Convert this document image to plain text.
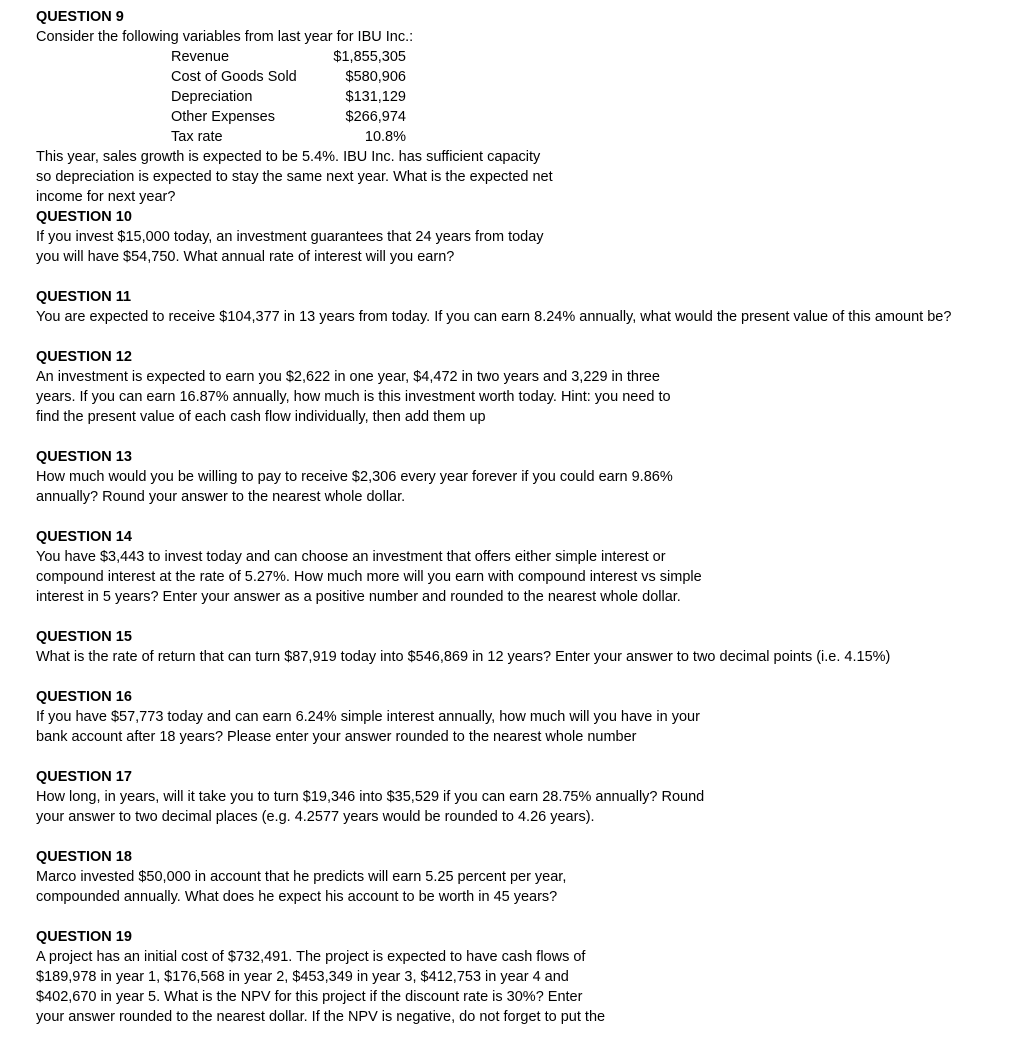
QUESTION 9
Consider the following variables from last year for IBU Inc.:
Revenue	$1,855,305
Cost of Goods Sold	$580,906
Depreciation	$131,129
Other Expenses	$266,974
Tax rate	10.8%
This year, sales growth is expected to be 5.4%. IBU Inc. has sufficient capacity
so depreciation is expected to stay the same next year. What is the expected net
income for next year?
QUESTION 10
If you invest $15,000 today, an investment guarantees that 24 years from today
you will have $54,750. What annual rate of interest will you earn?
QUESTION 11
You are expected to receive $104,377 in 13 years from today. If you can earn 8.24% annually, what would the present value of this amount be?
QUESTION 12
An investment is expected to earn you $2,622 in one year, $4,472 in two years and 3,229 in three
years. If you can earn 16.87% annually, how much is this investment worth today. Hint: you need to
find the present value of each cash flow individually, then add them up
QUESTION 13
How much would you be willing to pay to receive $2,306 every year forever if you could earn 9.86%
annually? Round your answer to the nearest whole dollar.
QUESTION 14
You have $3,443 to invest today and can choose an investment that offers either simple interest or
compound interest at the rate of 5.27%. How much more will you earn with compound interest vs simple
interest in 5 years? Enter your answer as a positive number and rounded to the nearest whole dollar.
QUESTION 15
What is the rate of return that can turn $87,919 today into $546,869 in 12 years? Enter your answer to two decimal points (i.e. 4.15%)
QUESTION 16
If you have $57,773 today and can earn 6.24% simple interest annually, how much will you have in your
bank account after 18 years? Please enter your answer rounded to the nearest whole number
QUESTION 17
How long, in years, will it take you to turn $19,346 into $35,529 if you can earn 28.75% annually? Round
your answer to two decimal places (e.g. 4.2577 years would be rounded to 4.26 years).
QUESTION 18
Marco invested $50,000 in account that he predicts will earn 5.25 percent per year,
compounded annually. What does he expect his account to be worth in 45 years?
QUESTION 19
A project has an initial cost of $732,491. The project is expected to have cash flows of
$189,978 in year 1, $176,568 in year 2, $453,349 in year 3, $412,753 in year 4 and
$402,670 in year 5. What is the NPV for this project if the discount rate is 30%? Enter
your answer rounded to the nearest dollar. If the NPV is negative, do not forget to put the
